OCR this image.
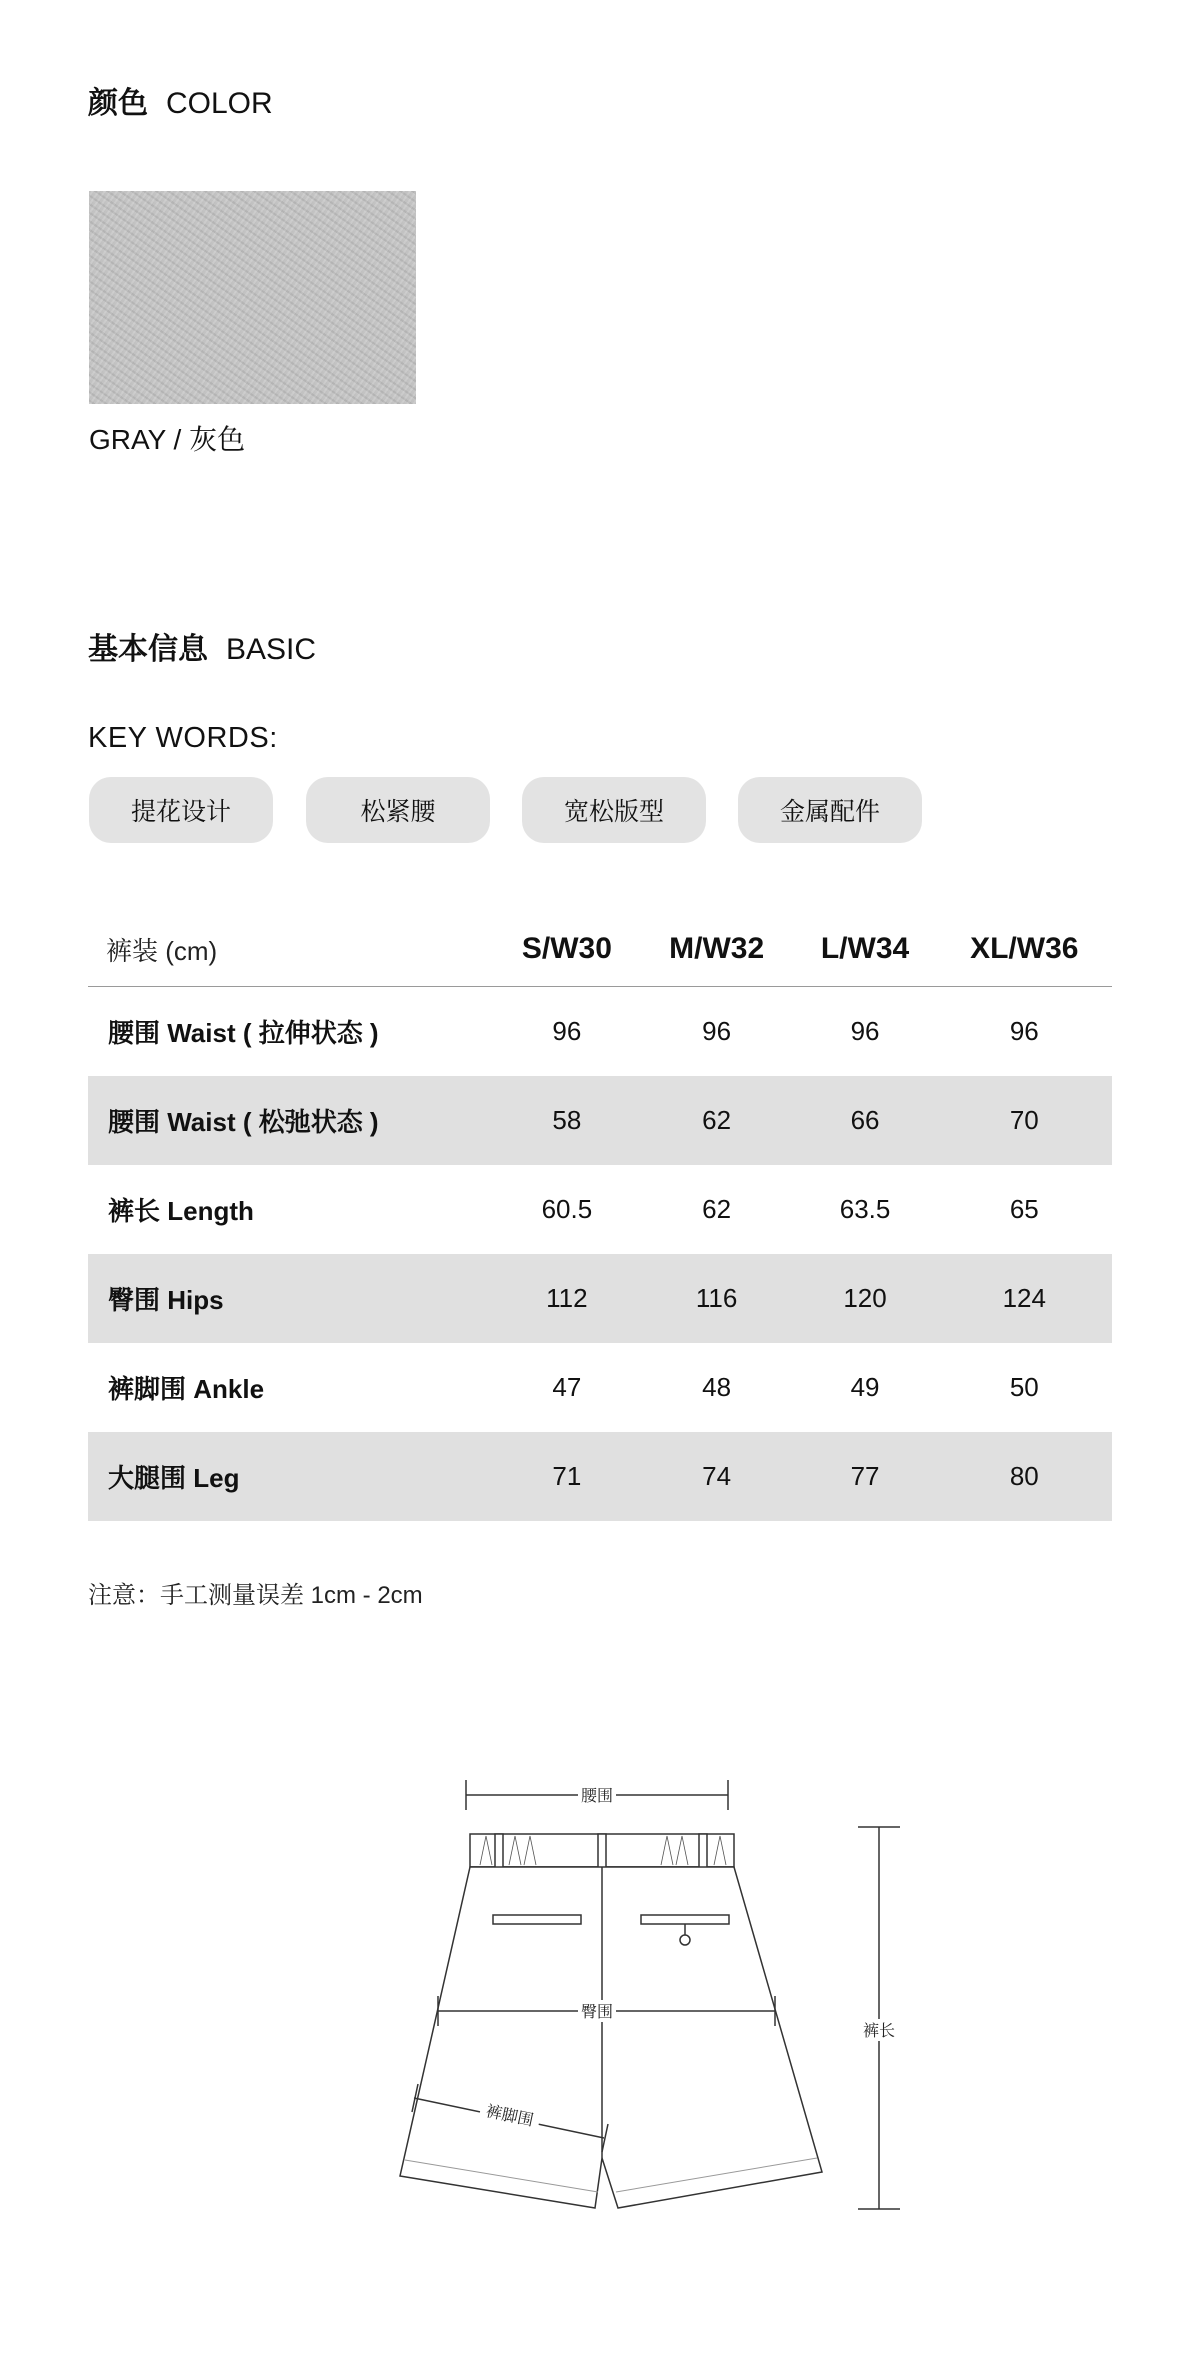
颜色 COLOR
GRAY / 灰色
基本信息 BASIC
KEY WORDS:
提花设计	松紧腰	宽松版型	金属配件
裤装 (cm)	S/W30	M/W32	L/W34	XL/W36
腰围 Waist ( 拉伸状态 )	96	96	96	96
腰围 Waist ( 松弛状态 )	58	62	66	70
裤长 Length	60.5	62	63.5	65
臀围 Hips	112	116	120	124
裤脚围 Ankle	47	48	49	50
大腿围 Leg	71	74	77	80
注意：手工测量误差 1cm - 2cm
腰围
臀围
裤脚围
裤长
